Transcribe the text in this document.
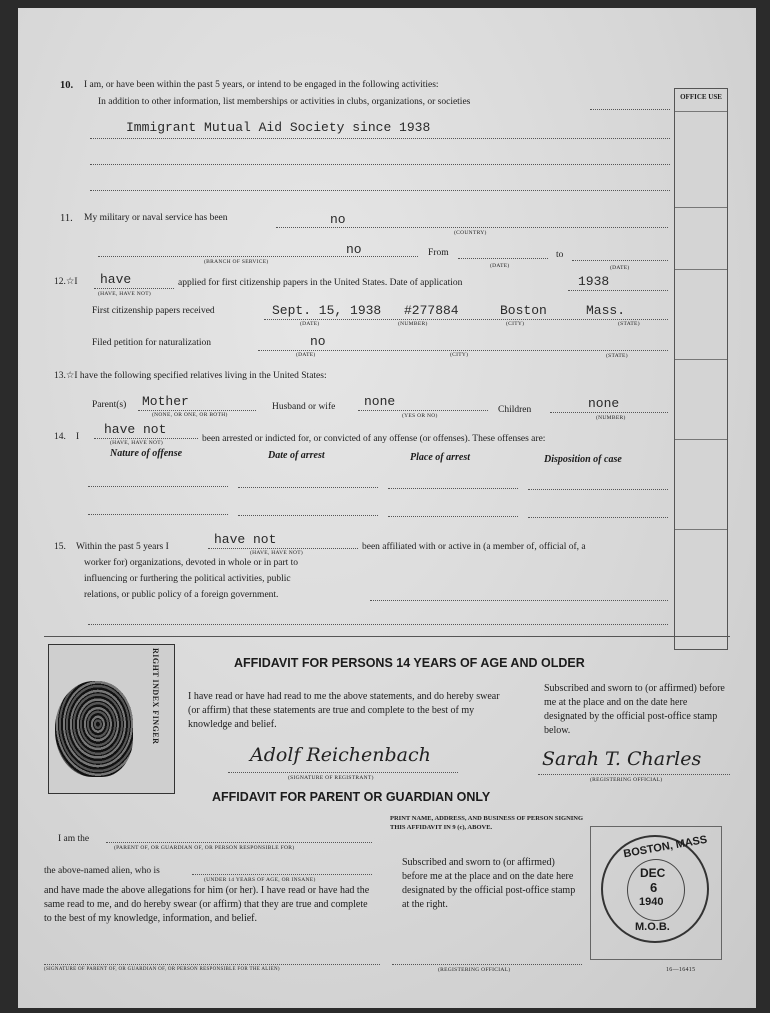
OFFICE USE
10. I am, or have been within the past 5 years, or intend to be engaged in the following activities:
In addition to other information, list memberships or activities in clubs, organizations, or societies
Immigrant Mutual Aid Society since 1938
11. My military or naval service has been	no
(COUNTRY)
no
(BRANCH OF SERVICE)
From
(DATE)
to
(DATE)
12.☆I have
(HAVE, HAVE NOT)
applied for first citizenship papers in the United States. Date of application	1938
First citizenship papers received	Sept. 15, 1938 #277884	Boston	Mass.
(DATE)	(NUMBER)	(CITY)	(STATE)
Filed petition for naturalization	no
(DATE)	(CITY)	(STATE)
13.☆I have the following specified relatives living in the United States:
Parent(s) Mother
(NONE, OR ONE, OR BOTH)
Husband or wife none
(YES OR NO)
Children	none
(NUMBER)
14. I have not
(HAVE, HAVE NOT)	been arrested or indicted for, or convicted of any offense (or offenses). These offenses are:
Nature of offense	Date of arrest	Place of arrest	Disposition of case
15. Within the past 5 years I	have not
(HAVE, HAVE NOT)
been affiliated with or active in (a member of, official of, a
worker for) organizations, devoted in whole or in part to
influencing or furthering the political activities, public
relations, or public policy of a foreign government.
RIGHT INDEX FINGER	AFFIDAVIT FOR PERSONS 14 YEARS OF AGE AND OLDER
I have read or have had read to me the above statements, and do hereby swear (or affirm) that these statements are true and complete to the best of my knowledge and belief.
Subscribed and sworn to (or affirmed) before me at the place and on the date here designated by the official post-office stamp below.
Adolf Reichenbach
(SIGNATURE OF REGISTRANT)
Sarah T. Charles
(REGISTERING OFFICIAL)
AFFIDAVIT FOR PARENT OR GUARDIAN ONLY
I am the
(PARENT OF, OR GUARDIAN OF, OR PERSON RESPONSIBLE FOR)
the above-named alien, who is
(UNDER 14 YEARS OF AGE, OR INSANE)
and have made the above allegations for him (or her). I have read or have had the same read to me, and do hereby swear (or affirm) that they are true and complete to the best of my knowledge, information, and belief.
PRINT NAME, ADDRESS, AND BUSINESS OF PERSON SIGNING THIS AFFIDAVIT IN 9 (c), ABOVE.
Subscribed and sworn to (or affirmed) before me at the place and on the date here designated by the official post-office stamp at the right.
(SIGNATURE OF PARENT OF, OR GUARDIAN OF, OR PERSON RESPONSIBLE FOR THE ALIEN)	(REGISTERING OFFICIAL)	16—16415
BOSTON, MASS
DEC
6
1940
M.O.B.
